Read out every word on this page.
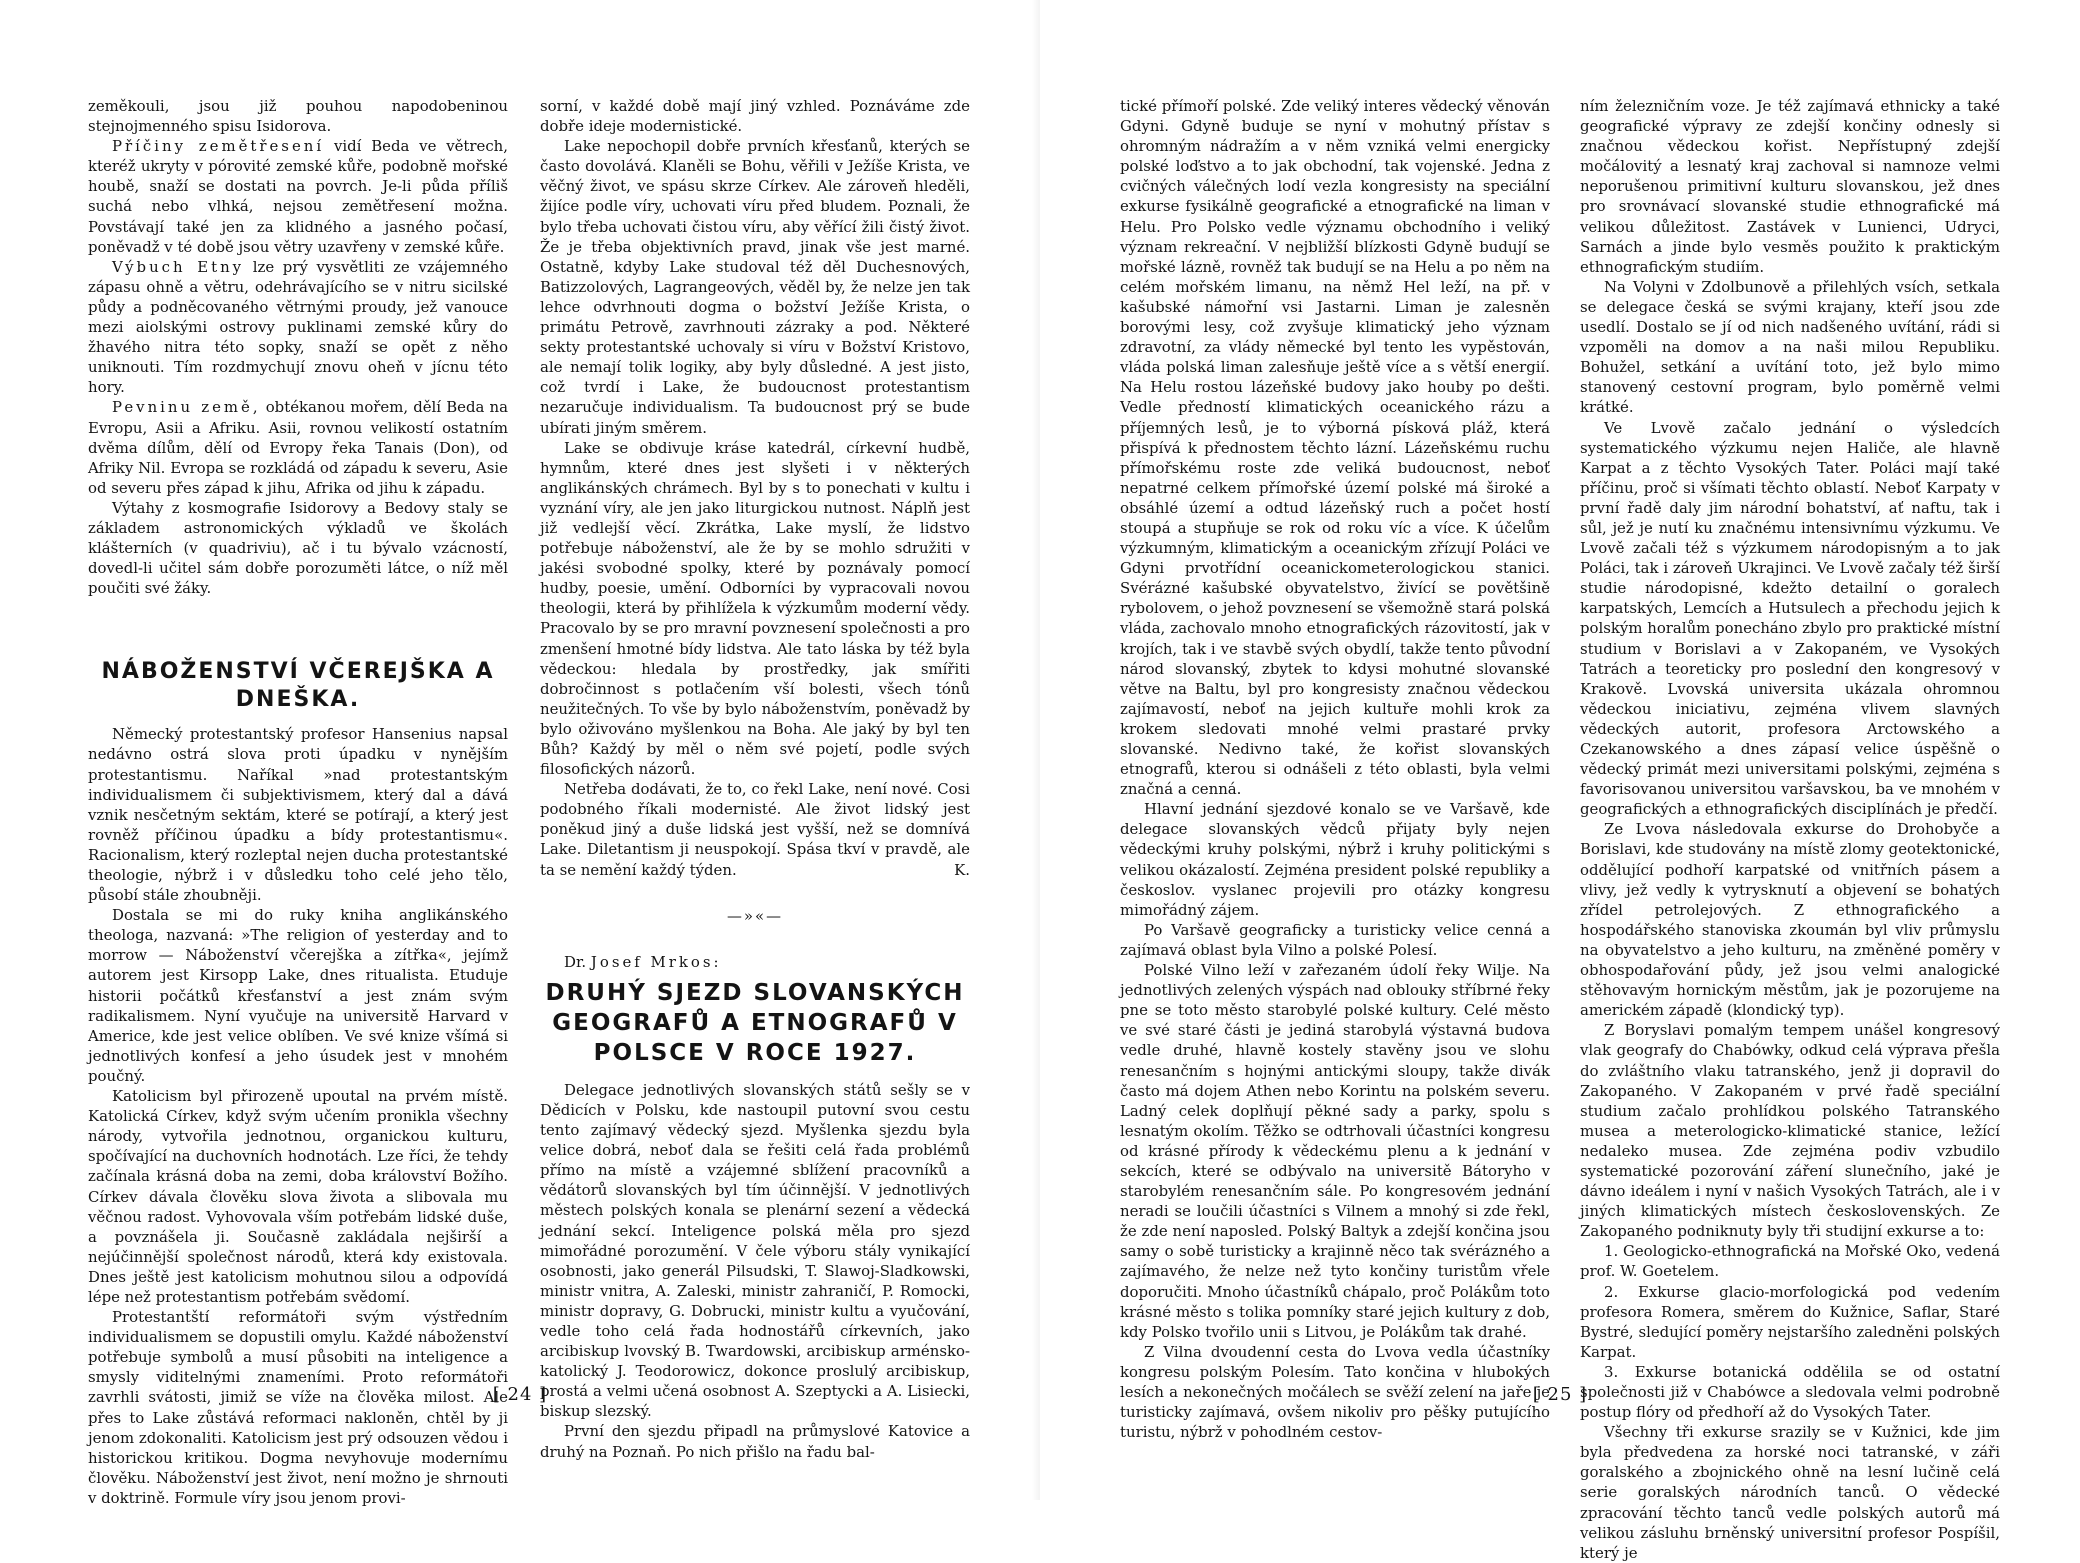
zeměkouli, jsou již pouhou napodobeninou stejnojmenného spisu Isidorova.

Příčiny zemětřesení vidí Beda ve větrech, kteréž ukryty v pórovité zemské kůře, podobně mořské houbě, snaží se dostati na povrch. Je-li půda příliš suchá nebo vlhká, nejsou zemětřesení možna. Povstávají také jen za klidného a jasného počasí, poněvadž v té době jsou větry uzavřeny v zemské kůře.

Výbuch Etny lze prý vysvětliti ze vzájemného zápasu ohně a větru, odehrávajícího se v nitru sicilské půdy a podněcovaného větrnými proudy, jež vanouce mezi aiolskými ostrovy puklinami zemské kůry do žhavého nitra této sopky, snaží se opět z něho uniknouti. Tím rozdmychují znovu oheň v jícnu této hory.

Pevninu země, obtékanou mořem, dělí Beda na Evropu, Asii a Afriku. Asii, rovnou velikostí ostatním dvěma dílům, dělí od Evropy řeka Tanais (Don), od Afriky Nil. Evropa se rozkládá od západu k severu, Asie od severu přes západ k jihu, Afrika od jihu k západu.

Výtahy z kosmografie Isidorovy a Bedovy staly se základem astronomických výkladů ve školách klášterních (v quadriviu), ač i tu bývalo vzácností, dovedl-li učitel sám dobře porozuměti látce, o níž měl poučiti své žáky.

NÁBOŽENSTVÍ VČEREJŠKA A DNEŠKA.

Německý protestantský profesor Hansenius napsal nedávno ostrá slova proti úpadku v nynějším protestantismu. Naříkal »nad protestantským individualismem či subjektivismem, který dal a dává vznik nesčetným sektám, které se potírají, a který jest rovněž příčinou úpadku a bídy protestantismu«. Racionalism, který rozleptal nejen ducha protestantské theologie, nýbrž i v důsledku toho celé jeho tělo, působí stále zhoubněji.

Dostala se mi do ruky kniha anglikánského theologa, nazvaná: »The religion of yesterday and to morrow — Náboženství včerejška a zítřka«, jejímž autorem jest Kirsopp Lake, dnes ritualista. Etuduje historii počátků křesťanství a jest znám svým radikalismem. Nyní vyučuje na universitě Harvard v Americe, kde jest velice oblíben. Ve své knize všímá si jednotlivých konfesí a jeho úsudek jest v mnohém poučný.

Katolicism byl přirozeně upoutal na prvém místě. Katolická Církev, když svým učením pronikla všechny národy, vytvořila jednotnou, organickou kulturu, spočívající na duchovních hodnotách. Lze říci, že tehdy začínala krásná doba na zemi, doba království Božího. Církev dávala člověku slova života a slibovala mu věčnou radost. Vyhovovala vším potřebám lidské duše, a povznášela ji. Současně zakládala nejširší a nejúčinnější společnost národů, která kdy existovala. Dnes ještě jest katolicism mohutnou silou a odpovídá lépe než protestantism potřebám svědomí.

Protestantští reformátoři svým výstředním individualismem se dopustili omylu. Každé náboženství potřebuje symbolů a musí působiti na inteligence a smysly viditelnými znameními. Proto reformátoři zavrhli svátosti, jimiž se víže na člověka milost. Ale přes to Lake zůstává reformaci nakloněn, chtěl by ji jenom zdokonaliti. Katolicism jest prý odsouzen vědou i historickou kritikou. Dogma nevyhovuje modernímu člověku. Náboženství jest život, není možno je shrnouti v doktrině. Formule víry jsou jenom provi-

sorní, v každé době mají jiný vzhled. Poznáváme zde dobře ideje modernistické.

Lake nepochopil dobře prvních křesťanů, kterých se často dovolává. Klaněli se Bohu, věřili v Ježíše Krista, ve věčný život, ve spásu skrze Církev. Ale zároveň hleděli, žijíce podle víry, uchovati víru před bludem. Poznali, že bylo třeba uchovati čistou víru, aby věřící žili čistý život. Že je třeba objektivních pravd, jinak vše jest marné. Ostatně, kdyby Lake studoval též děl Duchesnových, Batizzolových, Lagrangeových, věděl by, že nelze jen tak lehce odvrhnouti dogma o božství Ježíše Krista, o primátu Petrově, zavrhnouti zázraky a pod. Některé sekty protestantské uchovaly si víru v Božství Kristovo, ale nemají tolik logiky, aby byly důsledné. A jest jisto, což tvrdí i Lake, že budoucnost protestantism nezaručuje individualism. Ta budoucnost prý se bude ubírati jiným směrem.

Lake se obdivuje kráse katedrál, církevní hudbě, hymnům, které dnes jest slyšeti i v některých anglikánských chrámech. Byl by s to ponechati v kultu i vyznání víry, ale jen jako liturgickou nutnost. Náplň jest již vedlejší věcí. Zkrátka, Lake myslí, že lidstvo potřebuje náboženství, ale že by se mohlo sdružiti v jakési svobodné spolky, které by poznávaly pomocí hudby, poesie, umění. Odborníci by vypracovali novou theologii, která by přihlížela k výzkumům moderní vědy. Pracovalo by se pro mravní povznesení společnosti a pro zmenšení hmotné bídy lidstva. Ale tato láska by též byla vědeckou: hledala by prostředky, jak smířiti dobročinnost s potlačením vší bolesti, všech tónů neužitečných. To vše by bylo náboženstvím, poněvadž by bylo oživováno myšlenkou na Boha. Ale jaký by byl ten Bůh? Každý by měl o něm své pojetí, podle svých filosofických názorů.

Netřeba dodávati, že to, co řekl Lake, není nové. Cosi podobného říkali modernisté. Ale život lidský jest poněkud jiný a duše lidská jest vyšší, než se domnívá Lake. Diletantism ji neuspokojí. Spása tkví v pravdě, ale ta se nemění každý týden.	K.

—»«—

Dr. Josef Mrkos:

DRUHÝ SJEZD SLOVANSKÝCH GEOGRAFŮ A ETNOGRAFŮ V POLSCE V ROCE 1927.

Delegace jednotlivých slovanských států sešly se v Dědicích v Polsku, kde nastoupil putovní svou cestu tento zajímavý vědecký sjezd. Myšlenka sjezdu byla velice dobrá, neboť dala se řešiti celá řada problémů přímo na místě a vzájemné sblížení pracovníků a vědátorů slovanských byl tím účinnější. V jednotlivých městech polských konala se plenární sezení a vědecká jednání sekcí. Inteligence polská měla pro sjezd mimořádné porozumění. V čele výboru stály vynikající osobnosti, jako generál Pilsudski, T. Slawoj-Sladkowski, ministr vnitra, A. Zaleski, ministr zahraničí, P. Romocki, ministr dopravy, G. Dobrucki, ministr kultu a vyučování, vedle toho celá řada hodnostářů církevních, jako arcibiskup lvovský B. Twardowski, arcibiskup arménsko-katolický J. Teodorowicz, dokonce proslulý arcibiskup, prostá a velmi učená osobnost A. Szeptycki a A. Lisiecki, biskup slezský.

První den sjezdu připadl na průmyslové Katovice a druhý na Poznaň. Po nich přišlo na řadu bal-

[ 24 ]

tické přímoří polské. Zde veliký interes vědecký věnován Gdyni. Gdyně buduje se nyní v mohutný přístav s ohromným nádražím a v něm vzniká velmi energicky polské loďstvo a to jak obchodní, tak vojenské. Jedna z cvičných válečných lodí vezla kongresisty na speciální exkurse fysikálně geografické a etnografické na liman v Helu. Pro Polsko vedle významu obchodního i veliký význam rekreační. V nejbližší blízkosti Gdyně budují se mořské lázně, rovněž tak budují se na Helu a po něm na celém mořském limanu, na němž Hel leží, na př. v kašubské námořní vsi Jastarni. Liman je zalesněn borovými lesy, což zvyšuje klimatický jeho význam zdravotní, za vlády německé byl tento les vypěstován, vláda polská liman zalesňuje ještě více a s větší energií. Na Helu rostou lázeňské budovy jako houby po dešti. Vedle předností klimatických oceanického rázu a příjemných lesů, je to výborná písková pláž, která přispívá k přednostem těchto lázní. Lázeňskému ruchu přímořskému roste zde veliká budoucnost, neboť nepatrné celkem přímořské území polské má široké a obsáhlé území a odtud lázeňský ruch a počet hostí stoupá a stupňuje se rok od roku víc a více. K účelům výzkumným, klimatickým a oceanickým zřízují Poláci ve Gdyni prvotřídní oceanickometerologickou stanici. Svérázné kašubské obyvatelstvo, živící se povětšině rybolovem, o jehož povznesení se všemožně stará polská vláda, zachovalo mnoho etnografických rázovitostí, jak v krojích, tak i ve stavbě svých obydlí, takže tento původní národ slovanský, zbytek to kdysi mohutné slovanské větve na Baltu, byl pro kongresisty značnou vědeckou zajímavostí, neboť na jejich kultuře mohli krok za krokem sledovati mnohé velmi prastaré prvky slovanské. Nedivno také, že kořist slovanských etnografů, kterou si odnášeli z této oblasti, byla velmi značná a cenná.

Hlavní jednání sjezdové konalo se ve Varšavě, kde delegace slovanských vědců přijaty byly nejen vědeckými kruhy polskými, nýbrž i kruhy politickými s velikou okázalostí. Zejména president polské republiky a českoslov. vyslanec projevili pro otázky kongresu mimořádný zájem.

Po Varšavě geograficky a turisticky velice cenná a zajímavá oblast byla Vilno a polské Polesí.

Polské Vilno leží v zařezaném údolí řeky Wilje. Na jednotlivých zelených výspách nad oblouky stříbrné řeky pne se toto město starobylé polské kultury. Celé město ve své staré části je jediná starobylá výstavná budova vedle druhé, hlavně kostely stavěny jsou ve slohu renesančním s hojnými antickými sloupy, takže divák často má dojem Athen nebo Korintu na polském severu. Ladný celek doplňují pěkné sady a parky, spolu s lesnatým okolím. Těžko se odtrhovali účastníci kongresu od krásné přírody k vědeckému plenu a k jednání v sekcích, které se odbývalo na universitě Bátoryho v starobylém renesančním sále. Po kongresovém jednání neradi se loučili účastníci s Vilnem a mnohý si zde řekl, že zde není naposled. Polský Baltyk a zdejší končina jsou samy o sobě turisticky a krajinně něco tak svérázného a zajímavého, že nelze než tyto končiny turistům vřele doporučiti. Mnoho účastníků chápalo, proč Polákům toto krásné město s tolika pomníky staré jejich kultury z dob, kdy Polsko tvořilo unii s Litvou, je Polákům tak drahé.

Z Vilna dvoudenní cesta do Lvova vedla účastníky kongresu polským Polesím. Tato končina v hlubokých lesích a nekonečných močálech se svěží zelení na jaře je turisticky zajímavá, ovšem nikoliv pro pěšky putujícího turistu, nýbrž v pohodlném cestov-

ním železničním voze. Je též zajímavá ethnicky a také geografické výpravy ze zdejší končiny odnesly si značnou vědeckou kořist. Nepřístupný zdejší močálovitý a lesnatý kraj zachoval si namnoze velmi neporušenou primitivní kulturu slovanskou, jež dnes pro srovnávací slovanské studie ethnografické má velikou důležitost. Zastávek v Lunienci, Udryci, Sarnách a jinde bylo vesměs použito k praktickým ethnografickým studiím.

Na Volyni v Zdolbunově a přilehlých vsích, setkala se delegace česká se svými krajany, kteří jsou zde usedlí. Dostalo se jí od nich nadšeného uvítání, rádi si vzpoměli na domov a na naši milou Republiku. Bohužel, setkání a uvítání toto, jež bylo mimo stanovený cestovní program, bylo poměrně velmi krátké.

Ve Lvově začalo jednání o výsledcích systematického výzkumu nejen Haliče, ale hlavně Karpat a z těchto Vysokých Tater. Poláci mají také příčinu, proč si všímati těchto oblastí. Neboť Karpaty v první řadě daly jim národní bohatství, ať naftu, tak i sůl, jež je nutí ku značnému intensivnímu výzkumu. Ve Lvově začali též s výzkumem národopisným a to jak Poláci, tak i zároveň Ukrajinci. Ve Lvově začaly též širší studie národopisné, kdežto detailní o goralech karpatských, Lemcích a Hutsulech a přechodu jejich k polským horalům ponecháno zbylo pro praktické místní studium v Borislavi a v Zakopaném, ve Vysokých Tatrách a teoreticky pro poslední den kongresový v Krakově. Lvovská universita ukázala ohromnou vědeckou iniciativu, zejména vlivem slavných vědeckých autorit, profesora Arctowského a Czekanowského a dnes zápasí velice úspěšně o vědecký primát mezi universitami polskými, zejména s favorisovanou universitou varšavskou, ba ve mnohém v geografických a ethnografických disciplínách je předčí.

Ze Lvova následovala exkurse do Drohobyče a Borislavi, kde studovány na místě zlomy geotektonické, oddělující podhoří karpatské od vnitřních pásem a vlivy, jež vedly k vytrysknutí a objevení se bohatých zřídel petrolejových. Z ethnografického a hospodářského stanoviska zkoumán byl vliv průmyslu na obyvatelstvo a jeho kulturu, na změněné poměry v obhospodařování půdy, jež jsou velmi analogické stěhovavým hornickým městům, jak je pozorujeme na americkém západě (klondický typ).

Z Boryslavi pomalým tempem unášel kongresový vlak geografy do Chabówky, odkud celá výprava přešla do zvláštního vlaku tatranského, jenž ji dopravil do Zakopaného. V Zakopaném v prvé řadě speciální studium začalo prohlídkou polského Tatranského musea a meterologicko-klimatické stanice, ležící nedaleko musea. Zde zejména podiv vzbudilo systematické pozorování záření slunečního, jaké je dávno ideálem i nyní v našich Vysokých Tatrách, ale i v jiných klimatických místech československých. Ze Zakopaného podniknuty byly tři studijní exkurse a to:

1. Geologicko-ethnografická na Mořské Oko, vedená prof. W. Goetelem.

2. Exkurse glacio-morfologická pod vedením profesora Romera, směrem do Kužnice, Saflar, Staré Bystré, sledující poměry nejstaršího zaledněni polských Karpat.

3. Exkurse botanická oddělila se od ostatní společnosti již v Chabówce a sledovala velmi podrobně postup flóry od předhoří až do Vysokých Tater.

Všechny tři exkurse srazily se v Kužnici, kde jim byla předvedena za horské noci tatranské, v záři goralského a zbojnického ohně na lesní lučině celá serie goralských národních tanců. O vědecké zpracování těchto tanců vedle polských autorů má velikou zásluhu brněnský universitní profesor Pospíšil, který je

[ 25 ]
